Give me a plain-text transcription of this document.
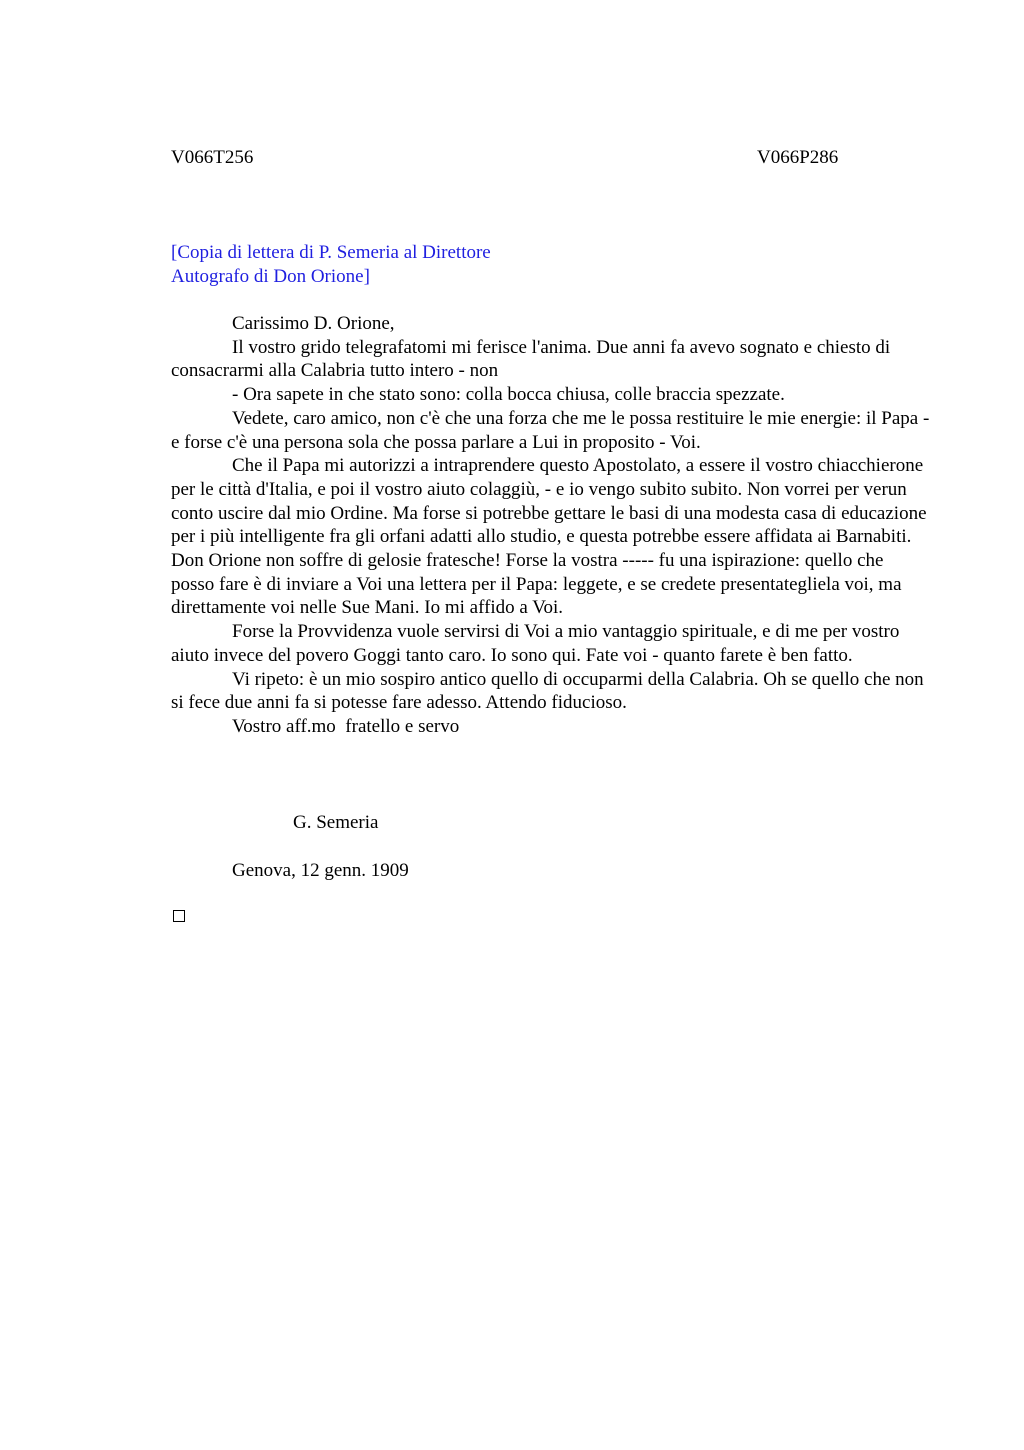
V066T256	V066P286
[Copia di lettera di P. Semeria al Direttore
Autografo di Don Orione]

Carissimo D. Orione,

Il vostro grido telegrafatomi mi ferisce l'anima. Due anni fa avevo sognato e chiesto di consacrarmi alla Calabria tutto intero - non

- Ora sapete in che stato sono: colla bocca chiusa, colle braccia spezzate.

Vedete, caro amico, non c'è che una forza che me le possa restituire le mie energie: il Papa - e forse c'è una persona sola che possa parlare a Lui in proposito - Voi.

Che il Papa mi autorizzi a intraprendere questo Apostolato, a essere il vostro chiacchierone per le città d'Italia, e poi il vostro aiuto colaggiù, - e io vengo subito subito. Non vorrei per verun conto uscire dal mio Ordine. Ma forse si potrebbe gettare le basi di una modesta casa di educazione per i più intelligente fra gli orfani adatti allo studio, e questa potrebbe essere affidata ai Barnabiti. Don Orione non soffre di gelosie fratesche! Forse la vostra ----- fu una ispirazione: quello che posso fare è di inviare a Voi una lettera per il Papa: leggete, e se credete presentategliela voi, ma direttamente voi nelle Sue Mani. Io mi affido a Voi.

Forse la Provvidenza vuole servirsi di Voi a mio vantaggio spirituale, e di me per vostro aiuto invece del povero Goggi tanto caro. Io sono qui. Fate voi - quanto farete è ben fatto.

Vi ripeto: è un mio sospiro antico quello di occuparmi della Calabria. Oh se quello che non si fece due anni fa si potesse fare adesso. Attendo fiducioso.

Vostro aff.mo  fratello e servo

G. Semeria
Genova, 12 genn. 1909
